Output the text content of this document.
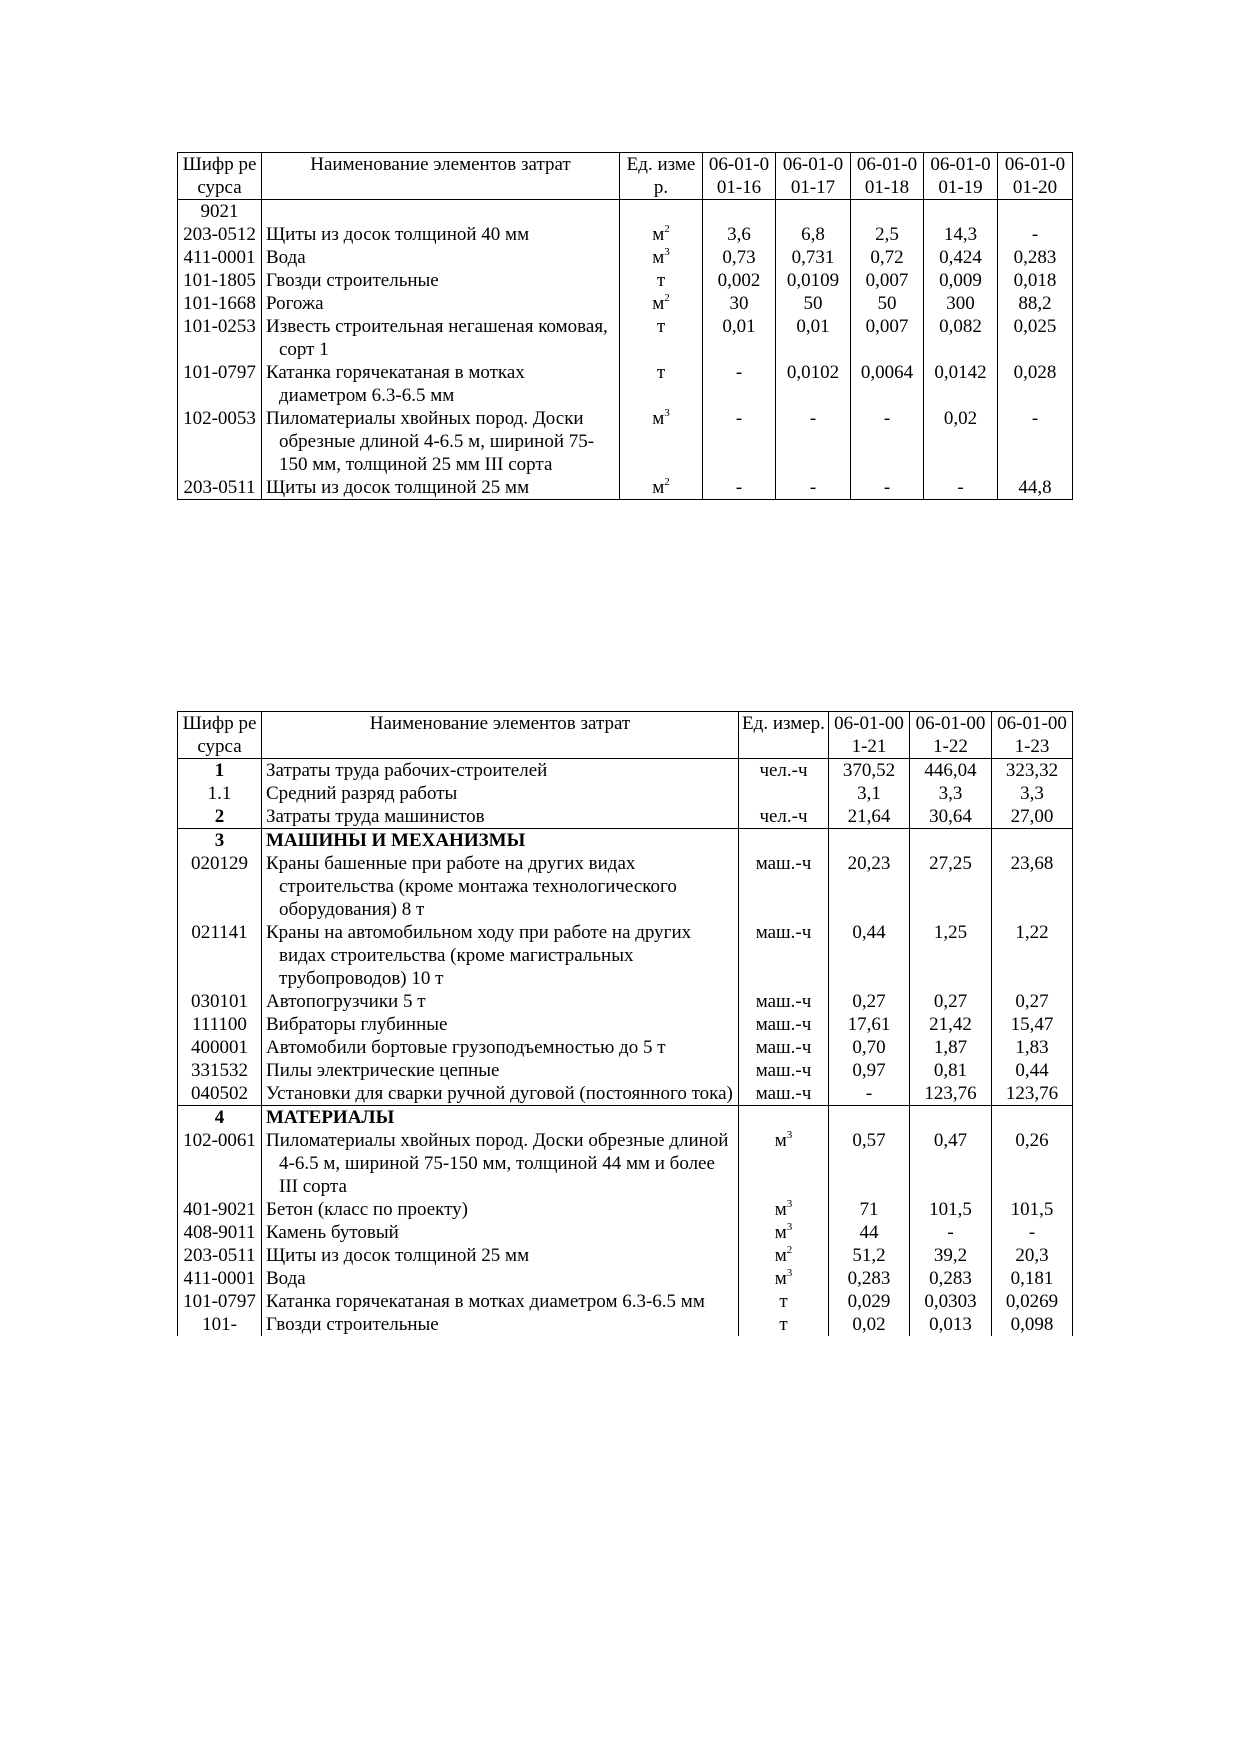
Шифр ресурса	Наименование элементов затрат	Ед. измер.	06-01-001-16	06-01-001-17	06-01-001-18	06-01-001-19	06-01-001-20
9021							
203-0512	Щиты из досок толщиной 40 мм	$м^2$	3,6	6,8	2,5	14,3	-
411-0001	Вода	$м^3$	0,73	0,731	0,72	0,424	0,283
101-1805	Гвозди строительные	т	0,002	0,0109	0,007	0,009	0,018
101-1668	Рогожа	$м^2$	30	50	50	300	88,2
101-0253	Известь строительная негашеная комовая, сорт 1	т	0,01	0,01	0,007	0,082	0,025
101-0797	Катанка горячекатаная в мотках диаметром 6.3-6.5 мм	т	-	0,0102	0,0064	0,0142	0,028
102-0053	Пиломатериалы хвойных пород. Доски обрезные длиной 4-6.5 м, шириной 75-150 мм, толщиной 25 мм III сорта	$м^3$	-	-	-	0,02	-
203-0511	Щиты из досок толщиной 25 мм	$м^2$	-	-	-	-	44,8
Шифр ресурса	Наименование элементов затрат	Ед. измер.	06-01-001-21	06-01-001-22	06-01-001-23
1	Затраты труда рабочих-строителей	чел.-ч	370,52	446,04	323,32
1.1	Средний разряд работы		3,1	3,3	3,3
2	Затраты труда машинистов	чел.-ч	21,64	30,64	27,00
3	МАШИНЫ И МЕХАНИЗМЫ				
020129	Краны башенные при работе на других видах строительства (кроме монтажа технологического оборудования) 8 т	маш.-ч	20,23	27,25	23,68
021141	Краны на автомобильном ходу при работе на других видах строительства (кроме магистральных трубопроводов) 10 т	маш.-ч	0,44	1,25	1,22
030101	Автопогрузчики 5 т	маш.-ч	0,27	0,27	0,27
111100	Вибраторы глубинные	маш.-ч	17,61	21,42	15,47
400001	Автомобили бортовые грузоподъемностью до 5 т	маш.-ч	0,70	1,87	1,83
331532	Пилы электрические цепные	маш.-ч	0,97	0,81	0,44
040502	Установки для сварки ручной дуговой (постоянного тока)	маш.-ч	-	123,76	123,76
4	МАТЕРИАЛЫ				
102-0061	Пиломатериалы хвойных пород. Доски обрезные длиной 4-6.5 м, шириной 75-150 мм, толщиной 44 мм и более III сорта	$м^3$	0,57	0,47	0,26
401-9021	Бетон (класс по проекту)	$м^3$	71	101,5	101,5
408-9011	Камень бутовый	$м^3$	44	-	-
203-0511	Щиты из досок толщиной 25 мм	$м^2$	51,2	39,2	20,3
411-0001	Вода	$м^3$	0,283	0,283	0,181
101-0797	Катанка горячекатаная в мотках диаметром 6.3-6.5 мм	т	0,029	0,0303	0,0269
101-	Гвозди строительные	т	0,02	0,013	0,098
